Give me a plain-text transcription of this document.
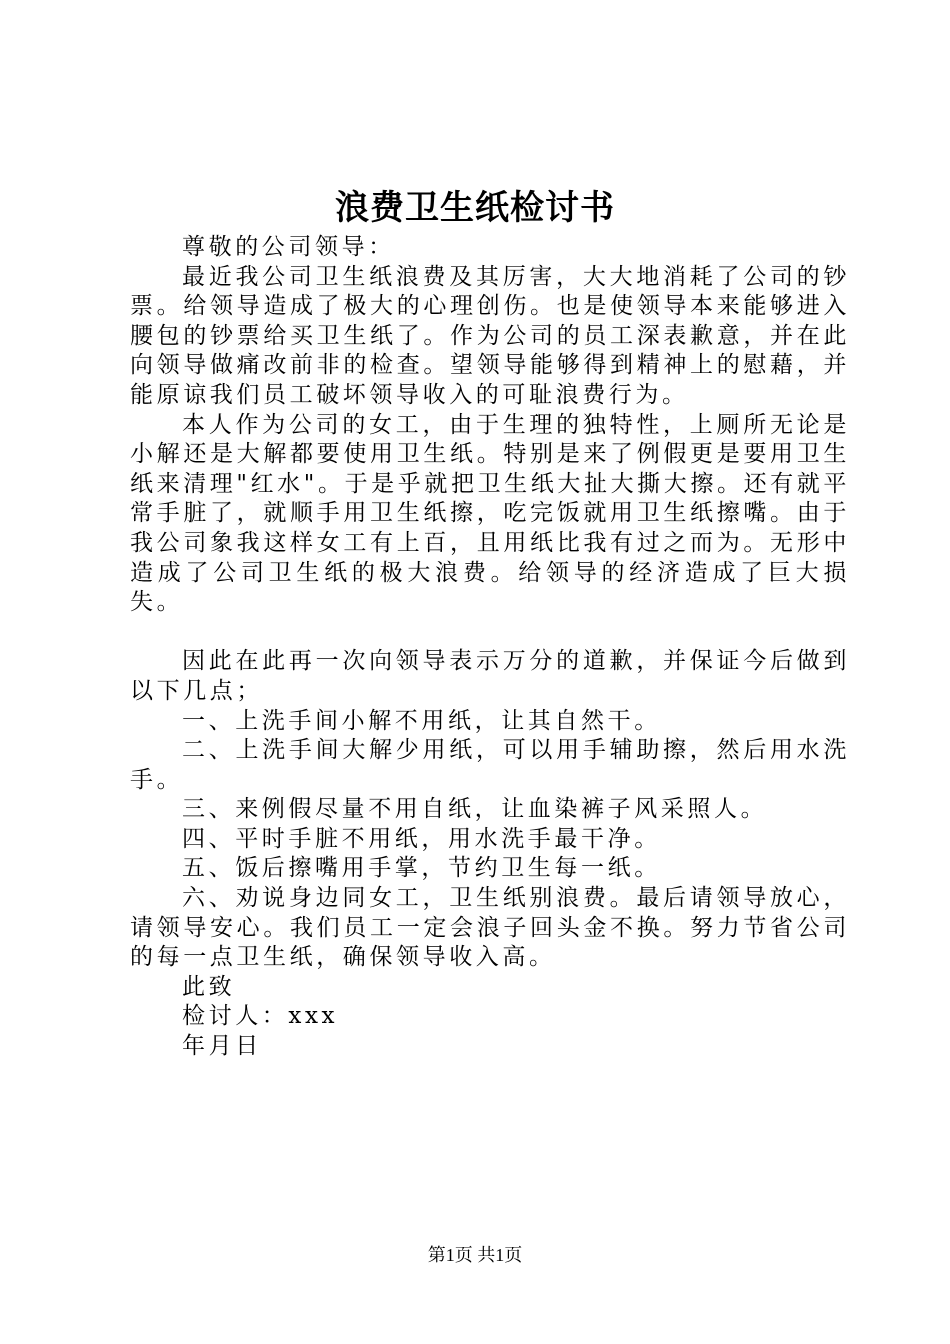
浪费卫生纸检讨书

尊敬的公司领导：

最近我公司卫生纸浪费及其厉害，大大地消耗了公司的钞票。给领导造成了极大的心理创伤。也是使领导本来能够进入腰包的钞票给买卫生纸了。作为公司的员工深表歉意，并在此向领导做痛改前非的检查。望领导能够得到精神上的慰藉，并能原谅我们员工破坏领导收入的可耻浪费行为。

本人作为公司的女工，由于生理的独特性，上厕所无论是小解还是大解都要使用卫生纸。特别是来了例假更是要用卫生纸来清理"红水"。于是乎就把卫生纸大扯大撕大擦。还有就平常手脏了，就顺手用卫生纸擦，吃完饭就用卫生纸擦嘴。由于我公司象我这样女工有上百，且用纸比我有过之而为。无形中造成了公司卫生纸的极大浪费。给领导的经济造成了巨大损失。

因此在此再一次向领导表示万分的道歉，并保证今后做到以下几点；

一、上洗手间小解不用纸，让其自然干。

二、上洗手间大解少用纸，可以用手辅助擦，然后用水洗手。

三、来例假尽量不用自纸，让血染裤子风采照人。

四、平时手脏不用纸，用水洗手最干净。

五、饭后擦嘴用手掌，节约卫生每一纸。

六、劝说身边同女工，卫生纸别浪费。最后请领导放心，请领导安心。我们员工一定会浪子回头金不换。努力节省公司的每一点卫生纸，确保领导收入高。

此致

检讨人：xxx

年月日

第1页 共1页
